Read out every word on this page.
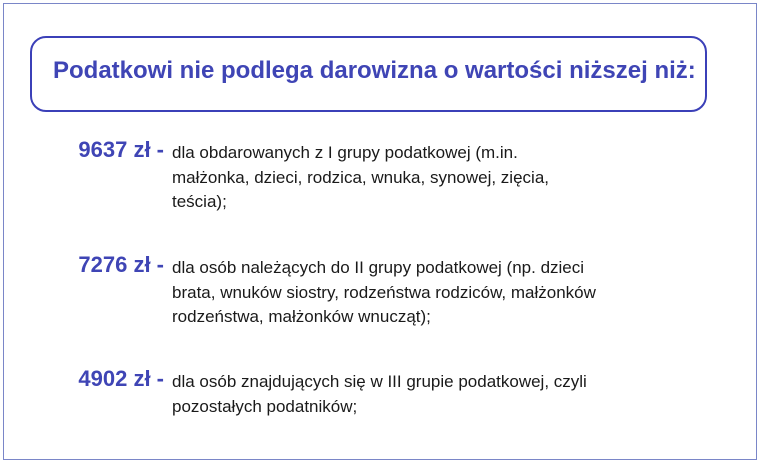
Podatkowi nie podlega darowizna o wartości niższej niż:
9637 zł - dla obdarowanych z I grupy podatkowej (m.in.
małżonka, dzieci, rodzica, wnuka, synowej, zięcia,
teścia);
7276 zł - dla osób należących do II grupy podatkowej (np. dzieci
brata, wnuków siostry, rodzeństwa rodziców, małżonków
rodzeństwa, małżonków wnucząt);
4902 zł - dla osób znajdujących się w III grupie podatkowej, czyli
pozostałych podatników;
